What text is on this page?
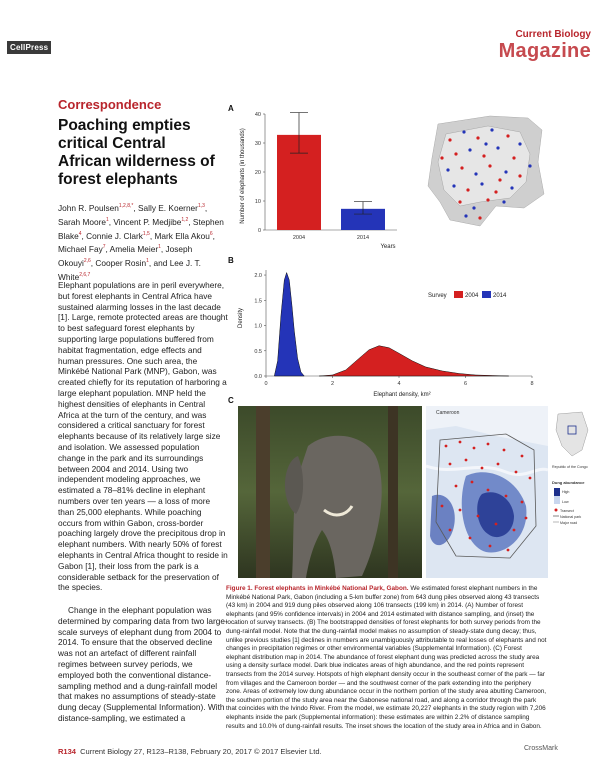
CellPress
Current Biology
Magazine
Correspondence
Poaching empties critical Central African wilderness of forest elephants
John R. Poulsen$^{1,2,8,*}$, Sally E. Koerner$^{1,3}$, Sarah Moore$^1$, Vincent P. Medjibe$^{1,2}$, Stephen Blake$^4$, Connie J. Clark$^{1,5}$, Mark Ella Akou$^6$, Michael Fay$^7$, Amelia Meier$^1$, Joseph Okouyi$^{2,6}$, Cooper Rosin$^1$, and Lee J. T. White$^{2,6,7}$
Elephant populations are in peril everywhere, but forest elephants in Central Africa have sustained alarming losses in the last decade [1]. Large, remote protected areas are thought to best safeguard forest elephants by supporting large populations buffered from habitat fragmentation, edge effects and human pressures. One such area, the Minkébé National Park (MNP), Gabon, was created chiefly for its reputation of harboring a large elephant population. MNP held the highest densities of elephants in Central Africa at the turn of the century, and was considered a critical sanctuary for forest elephants because of its relatively large size and isolation. We assessed population change in the park and its surroundings between 2004 and 2014. Using two independent modeling approaches, we estimated a 78–81% decline in elephant numbers over ten years — a loss of more than 25,000 elephants. While poaching occurs from within Gabon, cross-border poaching largely drove the precipitous drop in elephant numbers. With nearly 50% of forest elephants in Central Africa thought to reside in Gabon [1], their loss from the park is a considerable setback for the preservation of the species.
Change in the elephant population was determined by comparing data from two large-scale surveys of elephant dung from 2004 to 2014. To ensure that the observed decline was not an artefact of different rainfall regimes between survey periods, we employed both the conventional distance-sampling method and a dung-rainfall model that makes no assumptions of steady-state dung decay (Supplemental Information). With distance-sampling, we estimated a
A
B
C
Number of elephants (in thousands)
0
10
20
30
40
2004	2014
Years
Density
0.0
0.5
1.0
1.5
2.0
0	2	4	6	8
Elephant density, km²
Survey	2004 2014
Cameroon
Republic of the Congo
Dung abundance
High
Low
Transect
National park
Major road
Figure 1. Forest elephants in Minkébé National Park, Gabon. We estimated forest elephant numbers in the Minkébé National Park, Gabon (including a 5-km buffer zone) from 643 dung piles observed along 43 transects (43 km) in 2004 and 919 dung piles observed along 106 transects (199 km) in 2014. (A) Number of forest elephants (and 95% confidence intervals) in 2004 and 2014 estimated with distance sampling, and (inset) the location of survey transects. (B) The bootstrapped densities of forest elephants for both survey periods from the dung-rainfall model. Note that the dung-rainfall model makes no assumption of steady-state dung decay; thus, unlike previous studies [1] declines in numbers are unambiguously attributable to real losses of elephants and not changes in precipitation regimes or other environmental variables (Supplemental Information). (C) Forest elephant distribution map in 2014. The abundance of forest elephant dung was predicted across the study area using a density surface model. Dark blue indicates areas of high abundance, and the red points represent transects from the 2014 survey. Hotspots of high elephant density occur in the southeast corner of the park — far from villages and the Cameroon border — and the southwest corner of the park extending into the periphery zone. Areas of extremely low dung abundance occur in the northern portion of the study area abutting Cameroon, the southern portion of the study area near the Gabonese national road, and along a corridor through the park that coincides with the Ivindo River. From the model, we estimate 20,227 elephants in the study region with 7,206 elephants inside the park (Supplemental information): these estimates are within 2.2% of distance sampling results and 10.0% of dung-rainfall results. The inset shows the location of the study area in Africa and in Gabon.
R134 Current Biology 27, R123–R138, February 20, 2017 © 2017 Elsevier Ltd.	CrossMark
